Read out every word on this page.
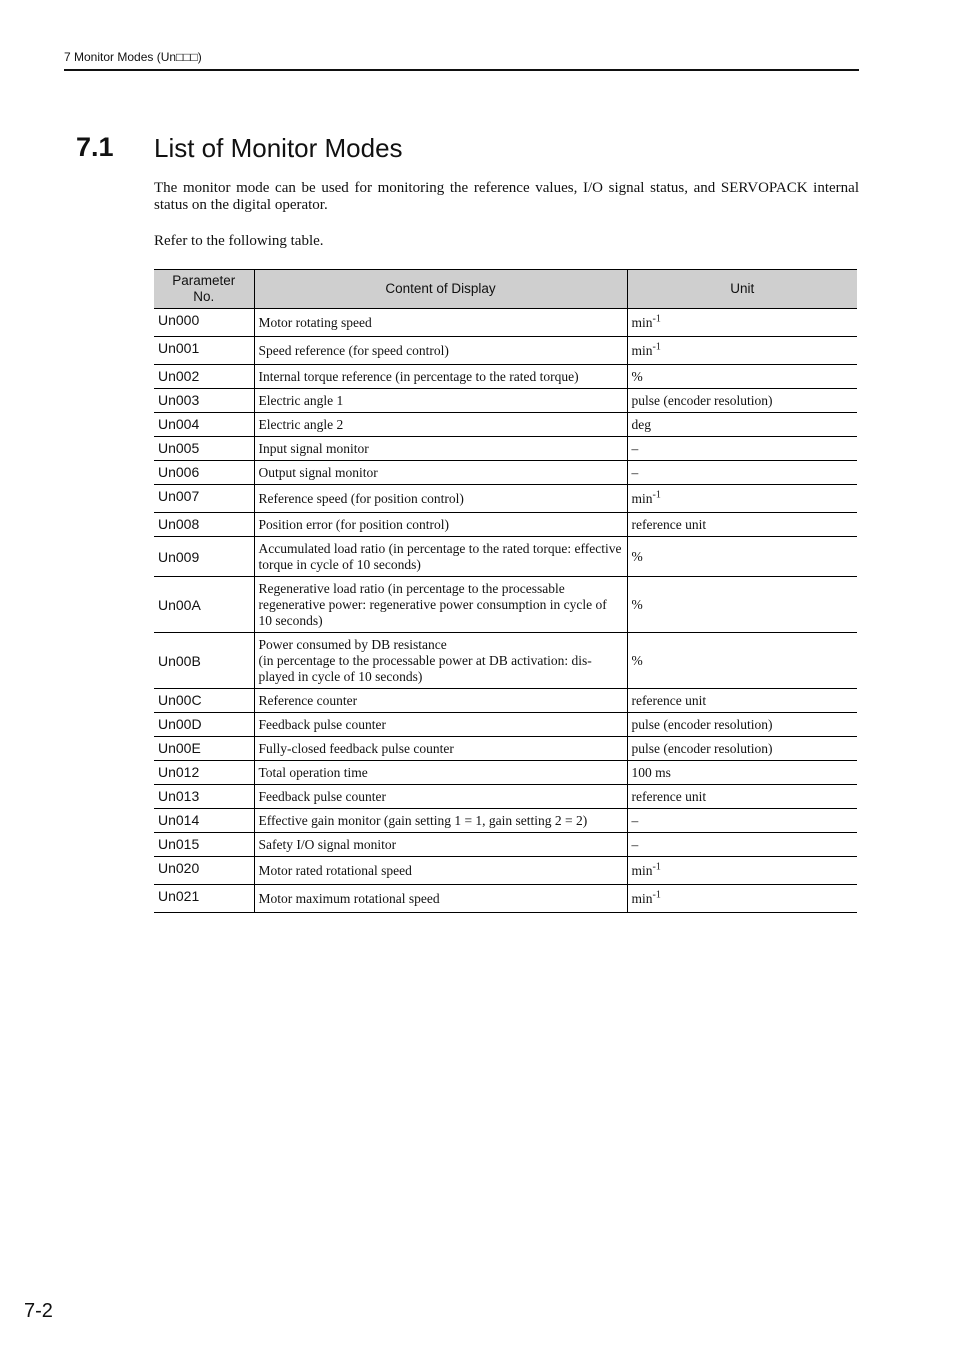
7 Monitor Modes (Un□□□)
7.1 List of Monitor Modes
The monitor mode can be used for monitoring the reference values, I/O signal status, and SERVOPACK internal status on the digital operator.
Refer to the following table.
Parameter No.	Content of Display	Unit
Un000	Motor rotating speed	$\min^{-1}$
Un001	Speed reference (for speed control)	$\min^{-1}$
Un002	Internal torque reference (in percentage to the rated torque)	%
Un003	Electric angle 1	pulse (encoder resolution)
Un004	Electric angle 2	deg
Un005	Input signal monitor	–
Un006	Output signal monitor	–
Un007	Reference speed (for position control)	$\min^{-1}$
Un008	Position error (for position control)	reference unit
Un009	Accumulated load ratio (in percentage to the rated torque: effective torque in cycle of 10 seconds)	%
Un00A	Regenerative load ratio (in percentage to the processable regenerative power: regenerative power consumption in cycle of 10 seconds)	%
Un00B	Power consumed by DB resistance
(in percentage to the processable power at DB activation: dis-played in cycle of 10 seconds)	%
Un00C	Reference counter	reference unit
Un00D	Feedback pulse counter	pulse (encoder resolution)
Un00E	Fully-closed feedback pulse counter	pulse (encoder resolution)
Un012	Total operation time	100 ms
Un013	Feedback pulse counter	reference unit
Un014	Effective gain monitor (gain setting 1 = 1, gain setting 2 = 2)	–
Un015	Safety I/O signal monitor	–
Un020	Motor rated rotational speed	$\min^{-1}$
Un021	Motor maximum rotational speed	$\min^{-1}$
7-2
